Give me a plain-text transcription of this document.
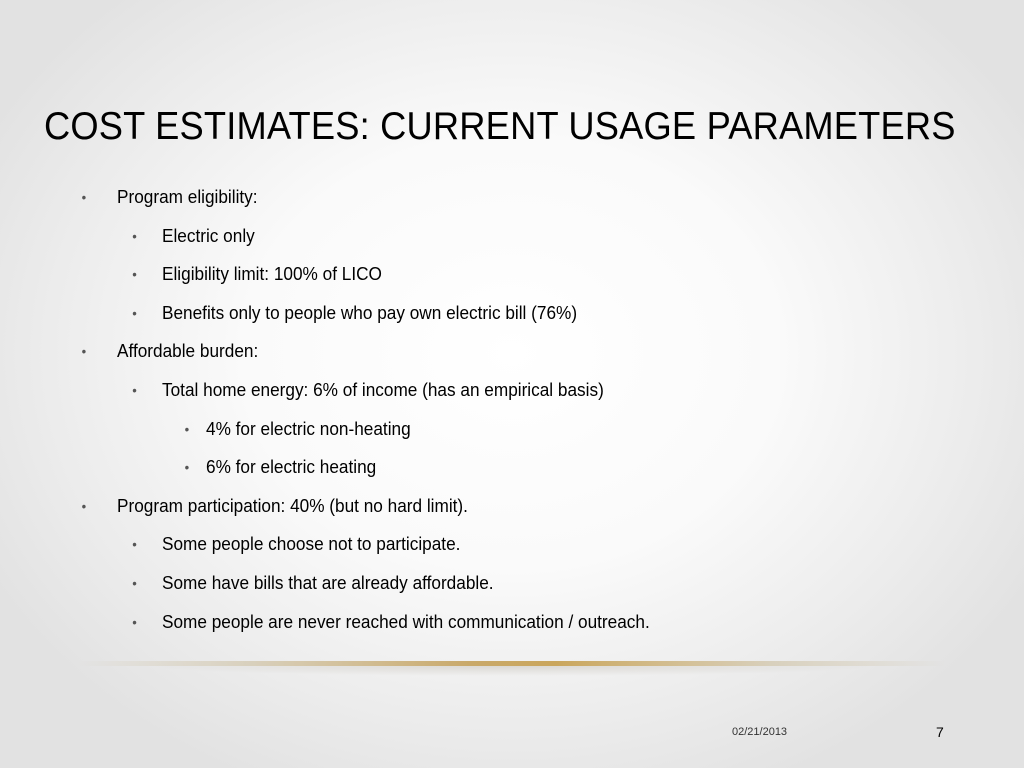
COST ESTIMATES: CURRENT USAGE PARAMETERS
• Program eligibility:
• Electric only
• Eligibility limit: 100% of LICO
• Benefits only to people who pay own electric bill (76%)
• Affordable burden:
• Total home energy: 6% of income (has an empirical basis)
• 4% for electric non-heating
• 6% for electric heating
• Program participation: 40% (but no hard limit).
• Some people choose not to participate.
• Some have bills that are already affordable.
• Some people are never reached with communication / outreach.
02/21/2013	7
